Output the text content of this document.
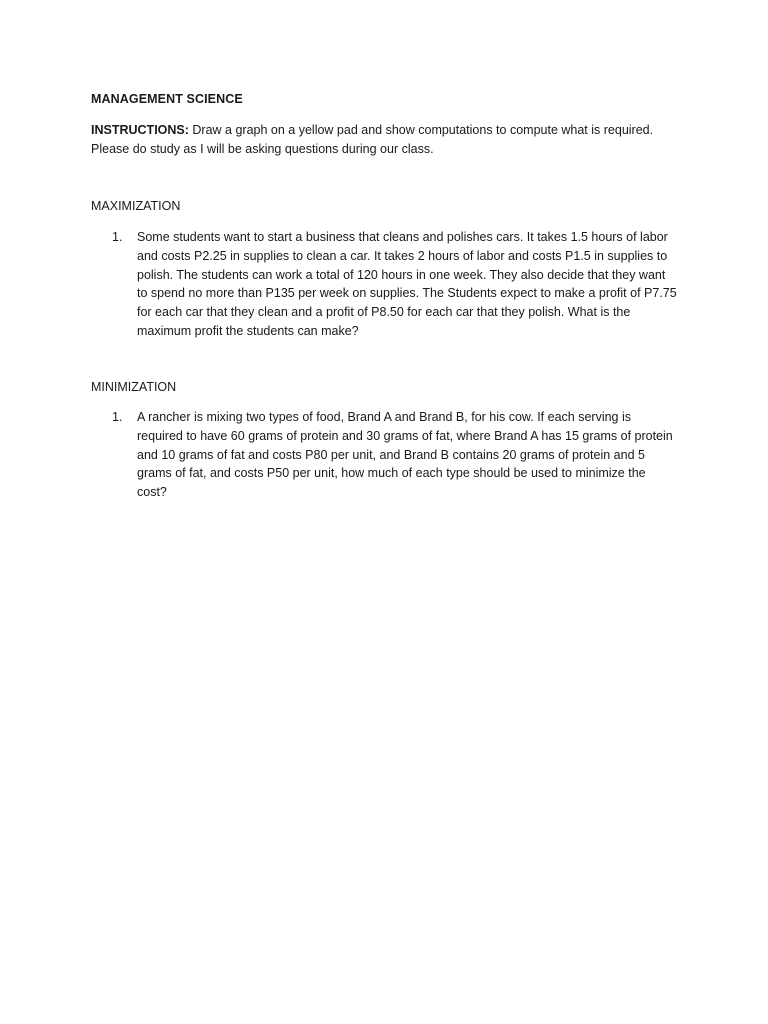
MANAGEMENT SCIENCE
INSTRUCTIONS: Draw a graph on a yellow pad and show computations to compute what is required. Please do study as I will be asking questions during our class.
MAXIMIZATION
1. Some students want to start a business that cleans and polishes cars. It takes 1.5 hours of labor and costs P2.25 in supplies to clean a car. It takes 2 hours of labor and costs P1.5 in supplies to polish. The students can work a total of 120 hours in one week. They also decide that they want to spend no more than P135 per week on supplies. The Students expect to make a profit of P7.75 for each car that they clean and a profit of P8.50 for each car that they polish. What is the maximum profit the students can make?
MINIMIZATION
1. A rancher is mixing two types of food, Brand A and Brand B, for his cow. If each serving is required to have 60 grams of protein and 30 grams of fat, where Brand A has 15 grams of protein and 10 grams of fat and costs P80 per unit, and Brand B contains 20 grams of protein and 5 grams of fat, and costs P50 per unit, how much of each type should be used to minimize the cost?
